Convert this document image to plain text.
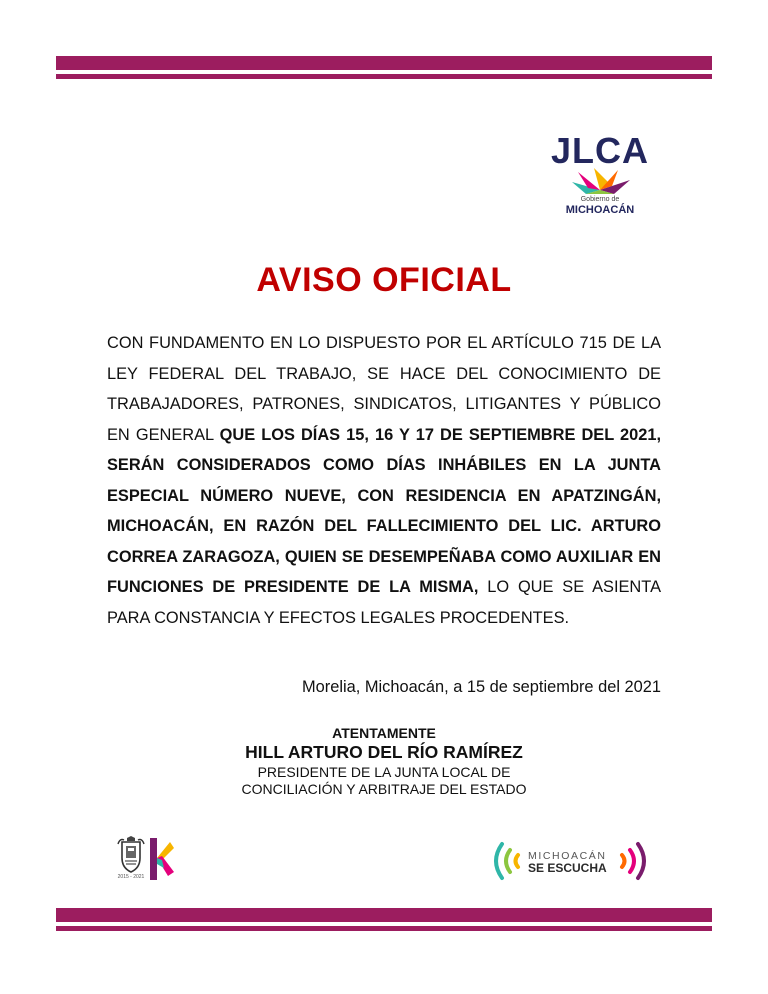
JLCA
Gobierno de
MICHOACÁN
AVISO OFICIAL
CON FUNDAMENTO EN LO DISPUESTO POR EL ARTÍCULO 715 DE LA LEY FEDERAL DEL TRABAJO, SE HACE DEL CONOCIMIENTO DE TRABAJADORES, PATRONES, SINDICATOS, LITIGANTES Y PÚBLICO EN GENERAL QUE LOS DÍAS 15, 16 Y 17 DE SEPTIEMBRE DEL 2021, SERÁN CONSIDERADOS COMO DÍAS INHÁBILES EN LA JUNTA ESPECIAL NÚMERO NUEVE, CON RESIDENCIA EN APATZINGÁN, MICHOACÁN, EN RAZÓN DEL FALLECIMIENTO DEL LIC. ARTURO CORREA ZARAGOZA, QUIEN SE DESEMPEÑABA COMO AUXILIAR EN FUNCIONES DE PRESIDENTE DE LA MISMA, LO QUE SE ASIENTA PARA CONSTANCIA Y EFECTOS LEGALES PROCEDENTES.
Morelia, Michoacán, a 15 de septiembre del 2021
ATENTAMENTE
HILL ARTURO DEL RÍO RAMÍREZ
PRESIDENTE DE LA JUNTA LOCAL DE
CONCILIACIÓN Y ARBITRAJE DEL ESTADO
2015 - 2021
MICHOACÁN
SE ESCUCHA
